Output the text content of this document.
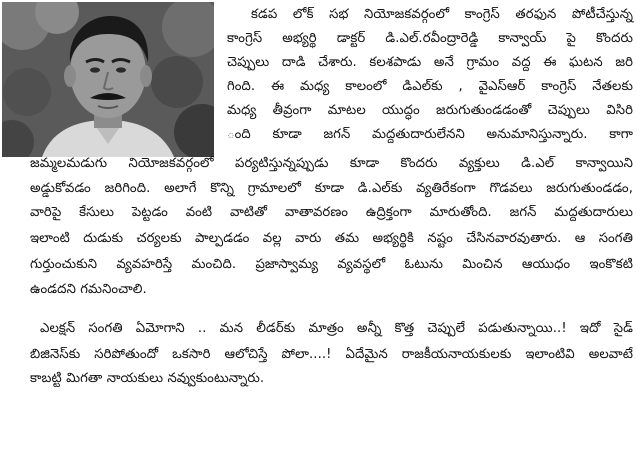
కడప లోక్ సభ నియోజకవర్గంలో కాంగ్రెస్ తరఫున పోటీచేస్తున్న
కాంగ్రెస్ అభ్యర్థి డాక్టర్ డి.ఎల్.రవీంద్రారెడ్డి కాన్వాయ్ పై కొందరు
చెప్పులు దాడి చేశారు. కలశపాడు అనే గ్రామం వద్ద ఈ ఘటన జరి
గింది. ఈ మధ్య కాలంలో డిఎల్‌కు , వైఎస్ఆర్ కాంగ్రెస్ నేతలకు
మధ్య తీవ్రంగా మాటల యుద్ధం జరుగుతుండడంతో చెప్పులు విసిరి
ంది కూడా జగన్ మద్దతుదారులేనని అనుమానిస్తున్నారు. కాగా
జమ్మలమడుగు నియోజకవర్గంలో పర్యటిస్తున్నప్పుడు కూడా కొందరు వ్యక్తులు డి.ఎల్ కాన్వాయిని
అడ్డుకోవడం జరిగింది. అలాగే కొన్ని గ్రామాలలో కూడా డి.ఎల్‌కు వ్యతిరేకంగా గొడవలు జరుగుతుండడం,
వారిపై కేసులు పెట్టడం వంటి వాటితో వాతావరణం ఉద్రిక్తంగా మారుతోంది. జగన్ మద్దతుదారులు
ఇలాంటి దుడుకు చర్యలకు పాల్పడడం వల్ల వారు తమ అభ్యర్థికి నష్టం చేసినవారవుతారు. ఆ సంగతి
గుర్తుంచుకుని వ్యవహరిస్తే మంచిది. ప్రజాస్వామ్య వ్యవస్థలో ఓటును మించిన ఆయుధం ఇంకొకటి
ఉండదని గమనించాలి.
ఎలక్షన్ సంగతి ఏమోగాని .. మన లీడర్‌కు మాత్రం అన్నీ కొత్త చెప్పులే పడుతున్నాయి..! ఇదో సైడ్
బిజినెస్‌కు సరిపోతుందో ఒకసారి ఆలోచిస్తే పోలా....! ఏదేమైన రాజకీయనాయకులకు ఇలాంటివి అలవాటే
కాబట్టి మిగతా నాయకులు నవ్వుకుంటున్నారు.
